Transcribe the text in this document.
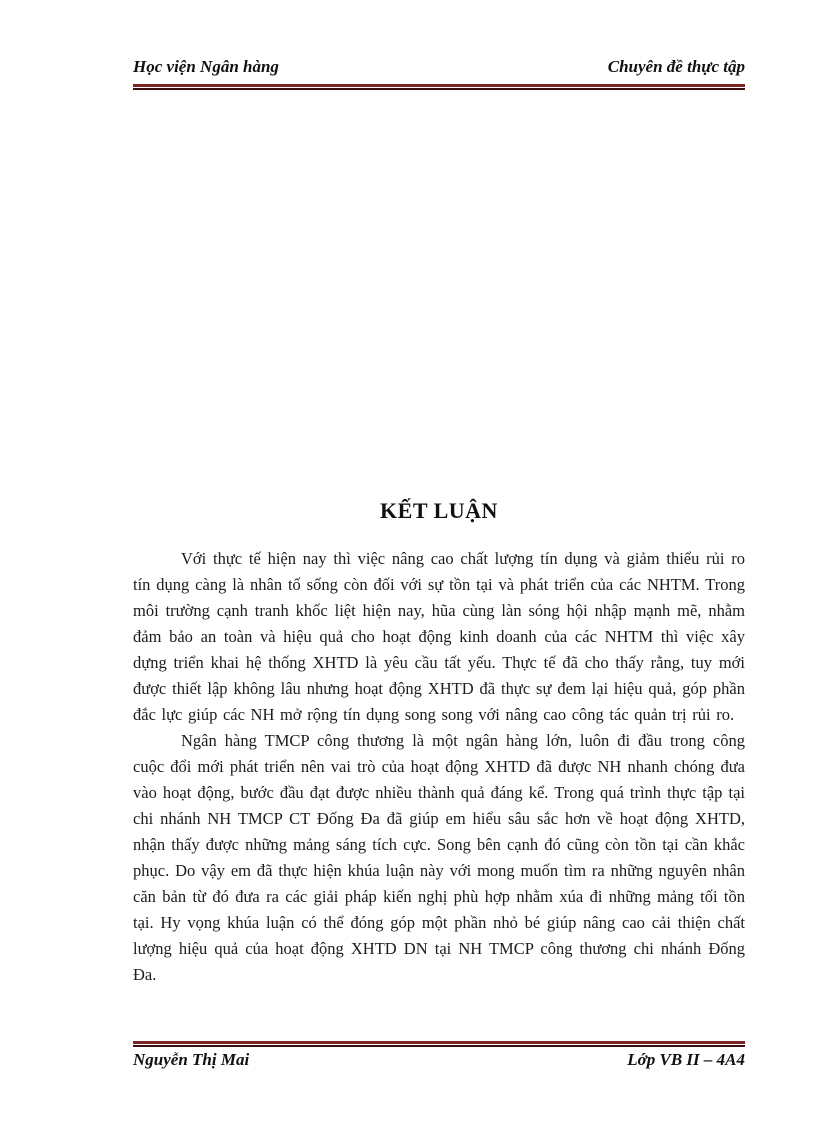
Học viện Ngân hàng	Chuyên đề thực tập
KẾT LUẬN

Với thực tế hiện nay thì việc nâng cao chất lượng tín dụng và giảm thiểu rủi ro tín dụng càng là nhân tố sống còn đối với sự tồn tại và phát triển của các NHTM. Trong môi trường cạnh tranh khốc liệt hiện nay, hũa cùng làn sóng hội nhập mạnh mẽ, nhằm đảm bảo an toàn và hiệu quả cho hoạt động kinh doanh của các NHTM thì việc xây dựng triển khai hệ thống XHTD là yêu cầu tất yếu. Thực tế đã cho thấy rằng, tuy mới được thiết lập không lâu nhưng hoạt động XHTD đã thực sự đem lại hiệu quả, góp phần đắc lực giúp các NH mở rộng tín dụng song song với nâng cao công tác quản trị rủi ro.

Ngân hàng TMCP công thương là một ngân hàng lớn, luôn đi đầu trong công cuộc đổi mới phát triển nên vai trò của hoạt động XHTD đã được NH nhanh chóng đưa vào hoạt động, bước đầu đạt được nhiều thành quả đáng kể. Trong quá trình thực tập tại chi nhánh NH TMCP CT Đống Đa đã giúp em hiểu sâu sắc hơn về hoạt động XHTD, nhận thấy được những mảng sáng tích cực. Song bên cạnh đó cũng còn tồn tại cần khắc phục. Do vậy em đã thực hiện khúa luận này với mong muốn tìm ra những nguyên nhân căn bản từ đó đưa ra các giải pháp kiến nghị phù hợp nhằm xúa đi những mảng tối tồn tại. Hy vọng khúa luận có thể đóng góp một phần nhỏ bé giúp nâng cao cải thiện chất lượng hiệu quả của hoạt động XHTD DN tại NH TMCP công thương chi nhánh Đống Đa.

Nguyễn Thị Mai	Lớp VB II – 4A4
